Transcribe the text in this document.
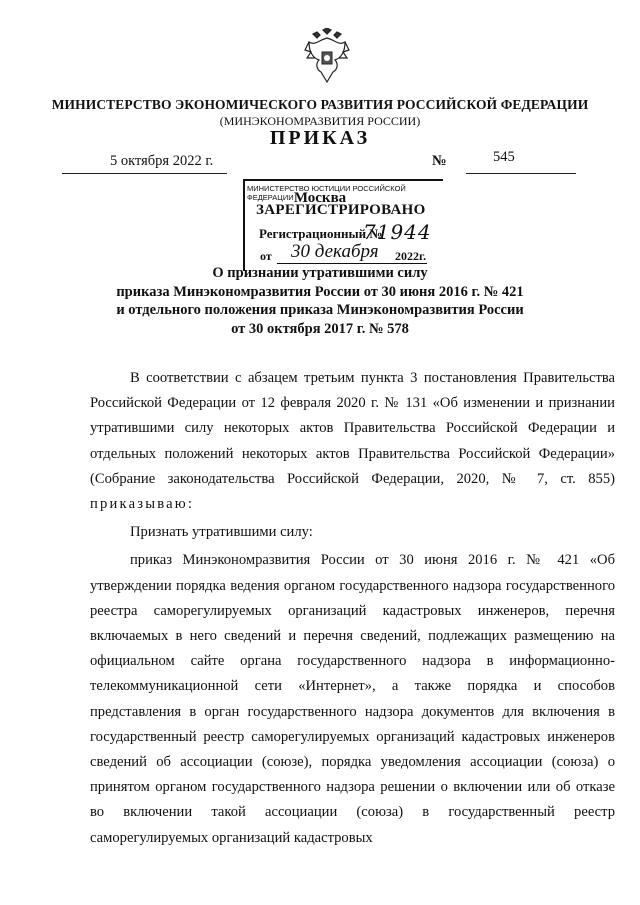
МИНИСТЕРСТВО ЭКОНОМИЧЕСКОГО РАЗВИТИЯ РОССИЙСКОЙ ФЕДЕРАЦИИ
(МИНЭКОНОМРАЗВИТИЯ РОССИИ)
ПРИКАЗ
5 октября 2022 г.	№	545
МИНИСТЕРСТВО ЮСТИЦИИ РОССИЙСКОЙ ФЕДЕРАЦИИ
ЗАРЕГИСТРИРОВАНО
Регистрационный №
71944
от 30 декабря 2022г.
Москва
О признании утратившими силу
приказа Минэкономразвития России от 30 июня 2016 г. № 421
и отдельного положения приказа Минэкономразвития России
от 30 октября 2017 г. № 578

В соответствии с абзацем третьим пункта 3 постановления Правительства Российской Федерации от 12 февраля 2020 г. № 131 «Об изменении и признании утратившими силу некоторых актов Правительства Российской Федерации и отдельных положений некоторых актов Правительства Российской Федерации» (Собрание законодательства Российской Федерации, 2020, № 7, ст. 855) приказываю:

Признать утратившими силу:

приказ Минэкономразвития России от 30 июня 2016 г. № 421 «Об утверждении порядка ведения органом государственного надзора государственного реестра саморегулируемых организаций кадастровых инженеров, перечня включаемых в него сведений и перечня сведений, подлежащих размещению на официальном сайте органа государственного надзора в информационно-телекоммуникационной сети «Интернет», а также порядка и способов представления в орган государственного надзора документов для включения в государственный реестр саморегулируемых организаций кадастровых инженеров сведений об ассоциации (союзе), порядка уведомления ассоциации (союза) о принятом органом государственного надзора решении о включении или об отказе во включении такой ассоциации (союза) в государственный реестр саморегулируемых организаций кадастровых
